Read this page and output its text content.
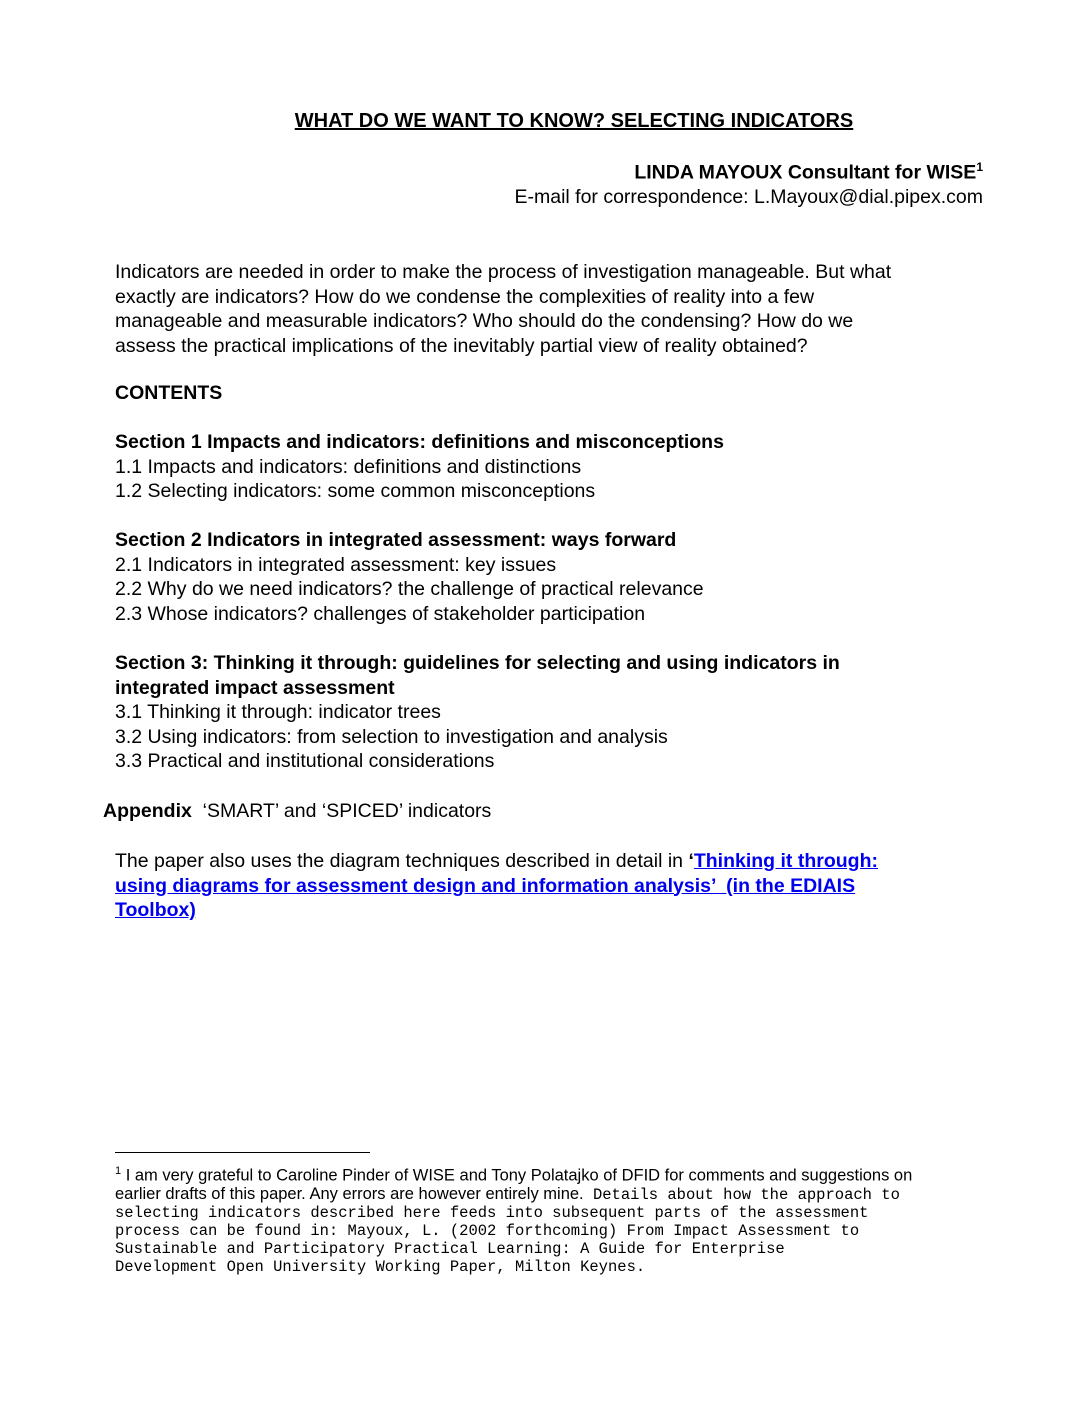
WHAT DO WE WANT TO KNOW? SELECTING INDICATORS
LINDA MAYOUX Consultant for WISE$^1$
E-mail for correspondence: L.Mayoux@dial.pipex.com
Indicators are needed in order to make the process of investigation manageable. But what
exactly are indicators? How do we condense the complexities of reality into a few
manageable and measurable indicators? Who should do the condensing? How do we
assess the practical implications of the inevitably partial view of reality obtained?
CONTENTS
Section 1 Impacts and indicators: definitions and misconceptions
1.1 Impacts and indicators: definitions and distinctions
1.2 Selecting indicators: some common misconceptions
Section 2 Indicators in integrated assessment: ways forward
2.1 Indicators in integrated assessment: key issues
2.2 Why do we need indicators? the challenge of practical relevance
2.3 Whose indicators? challenges of stakeholder participation
Section 3: Thinking it through: guidelines for selecting and using indicators in
integrated impact assessment
3.1 Thinking it through: indicator trees
3.2 Using indicators: from selection to investigation and analysis
3.3 Practical and institutional considerations
Appendix  ‘SMART’ and ‘SPICED’ indicators
The paper also uses the diagram techniques described in detail in ‘Thinking it through:
using diagrams for assessment design and information analysis’  (in the EDIAIS
Toolbox)
$^1$ I am very grateful to Caroline Pinder of WISE and Tony Polatajko of DFID for comments and suggestions on
earlier drafts of this paper. Any errors are however entirely mine. Details about how the approach to
selecting indicators described here feeds into subsequent parts of the assessment
process can be found in: Mayoux, L. (2002 forthcoming) From Impact Assessment to
Sustainable and Participatory Practical Learning: A Guide for Enterprise
Development Open University Working Paper, Milton Keynes.
